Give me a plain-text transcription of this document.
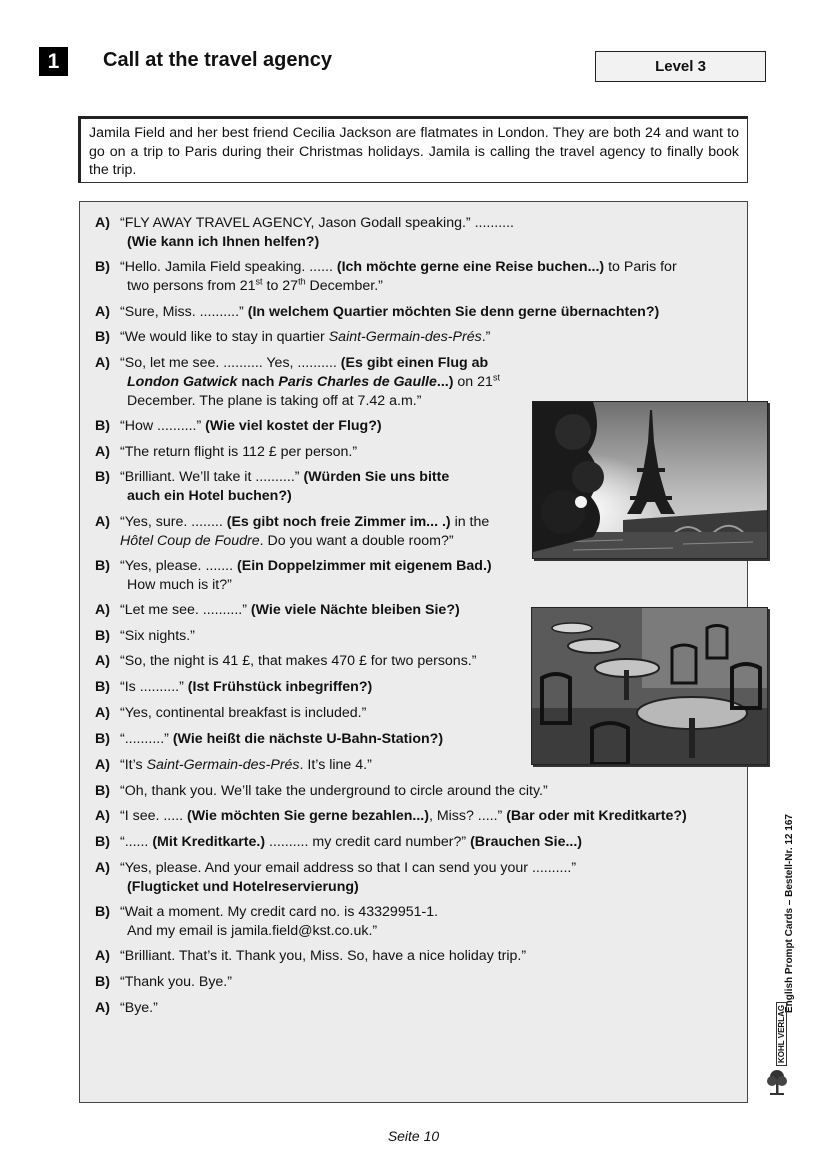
1 Call at the travel agency	Level 3
Jamila Field and her best friend Cecilia Jackson are flatmates in London. They are both 24 and want to go on a trip to Paris during their Christmas holidays. Jamila is calling the travel agency to finally book the trip.
A) “FLY AWAY TRAVEL AGENCY, Jason Godall speaking.” ..........

(Wie kann ich Ihnen helfen?)
B) “Hello. Jamila Field speaking. ...... (Ich möchte gerne eine Reise buchen...) to Paris for

two persons from 21st to 27th December.”
A) “Sure, Miss. ..........” (In welchem Quartier möchten Sie denn gerne übernachten?)
B) “We would like to stay in quartier Saint-Germain-des-Prés.”
A) “So, let me see. .......... Yes, .......... (Es gibt einen Flug ab

London Gatwick nach Paris Charles de Gaulle...) on 21st
December. The plane is taking off at 7.42 a.m.”
B) “How ..........” (Wie viel kostet der Flug?)
A) “The return flight is 112 £ per person.”
B) “Brilliant. We’ll take it ..........” (Würden Sie uns bitte

auch ein Hotel buchen?)
A) “Yes, sure. ........ (Es gibt noch freie Zimmer im... .) in the
Hôtel Coup de Foudre. Do you want a double room?”
B) “Yes, please. ....... (Ein Doppelzimmer mit eigenem Bad.)

How much is it?”
A) “Let me see. ..........” (Wie viele Nächte bleiben Sie?)
B) “Six nights.”
A) “So, the night is 41 £, that makes 470 £ for two persons.”
B) “Is ..........” (Ist Frühstück inbegriffen?)
A) “Yes, continental breakfast is included.”
B) “..........” (Wie heißt die nächste U-Bahn-Station?)
A) “It’s Saint-Germain-des-Prés. It’s line 4.”
B) “Oh, thank you. We’ll take the underground to circle around the city.”
A) “I see. ..... (Wie möchten Sie gerne bezahlen...), Miss? .....” (Bar oder mit Kreditkarte?)
B) “...... (Mit Kreditkarte.) .......... my credit card number?” (Brauchen Sie...)
A) “Yes, please. And your email address so that I can send you your ..........”

(Flugticket und Hotelreservierung)
B) “Wait a moment. My credit card no. is 43329951-1.

And my email is jamila.field@kst.co.uk.”
A) “Brilliant. That’s it. Thank you, Miss. So, have a nice holiday trip.”
B) “Thank you. Bye.”
A) “Bye.”
Seite 10
English Prompt Cards – Bestell-Nr. 12 167
KOHL VERLAG
